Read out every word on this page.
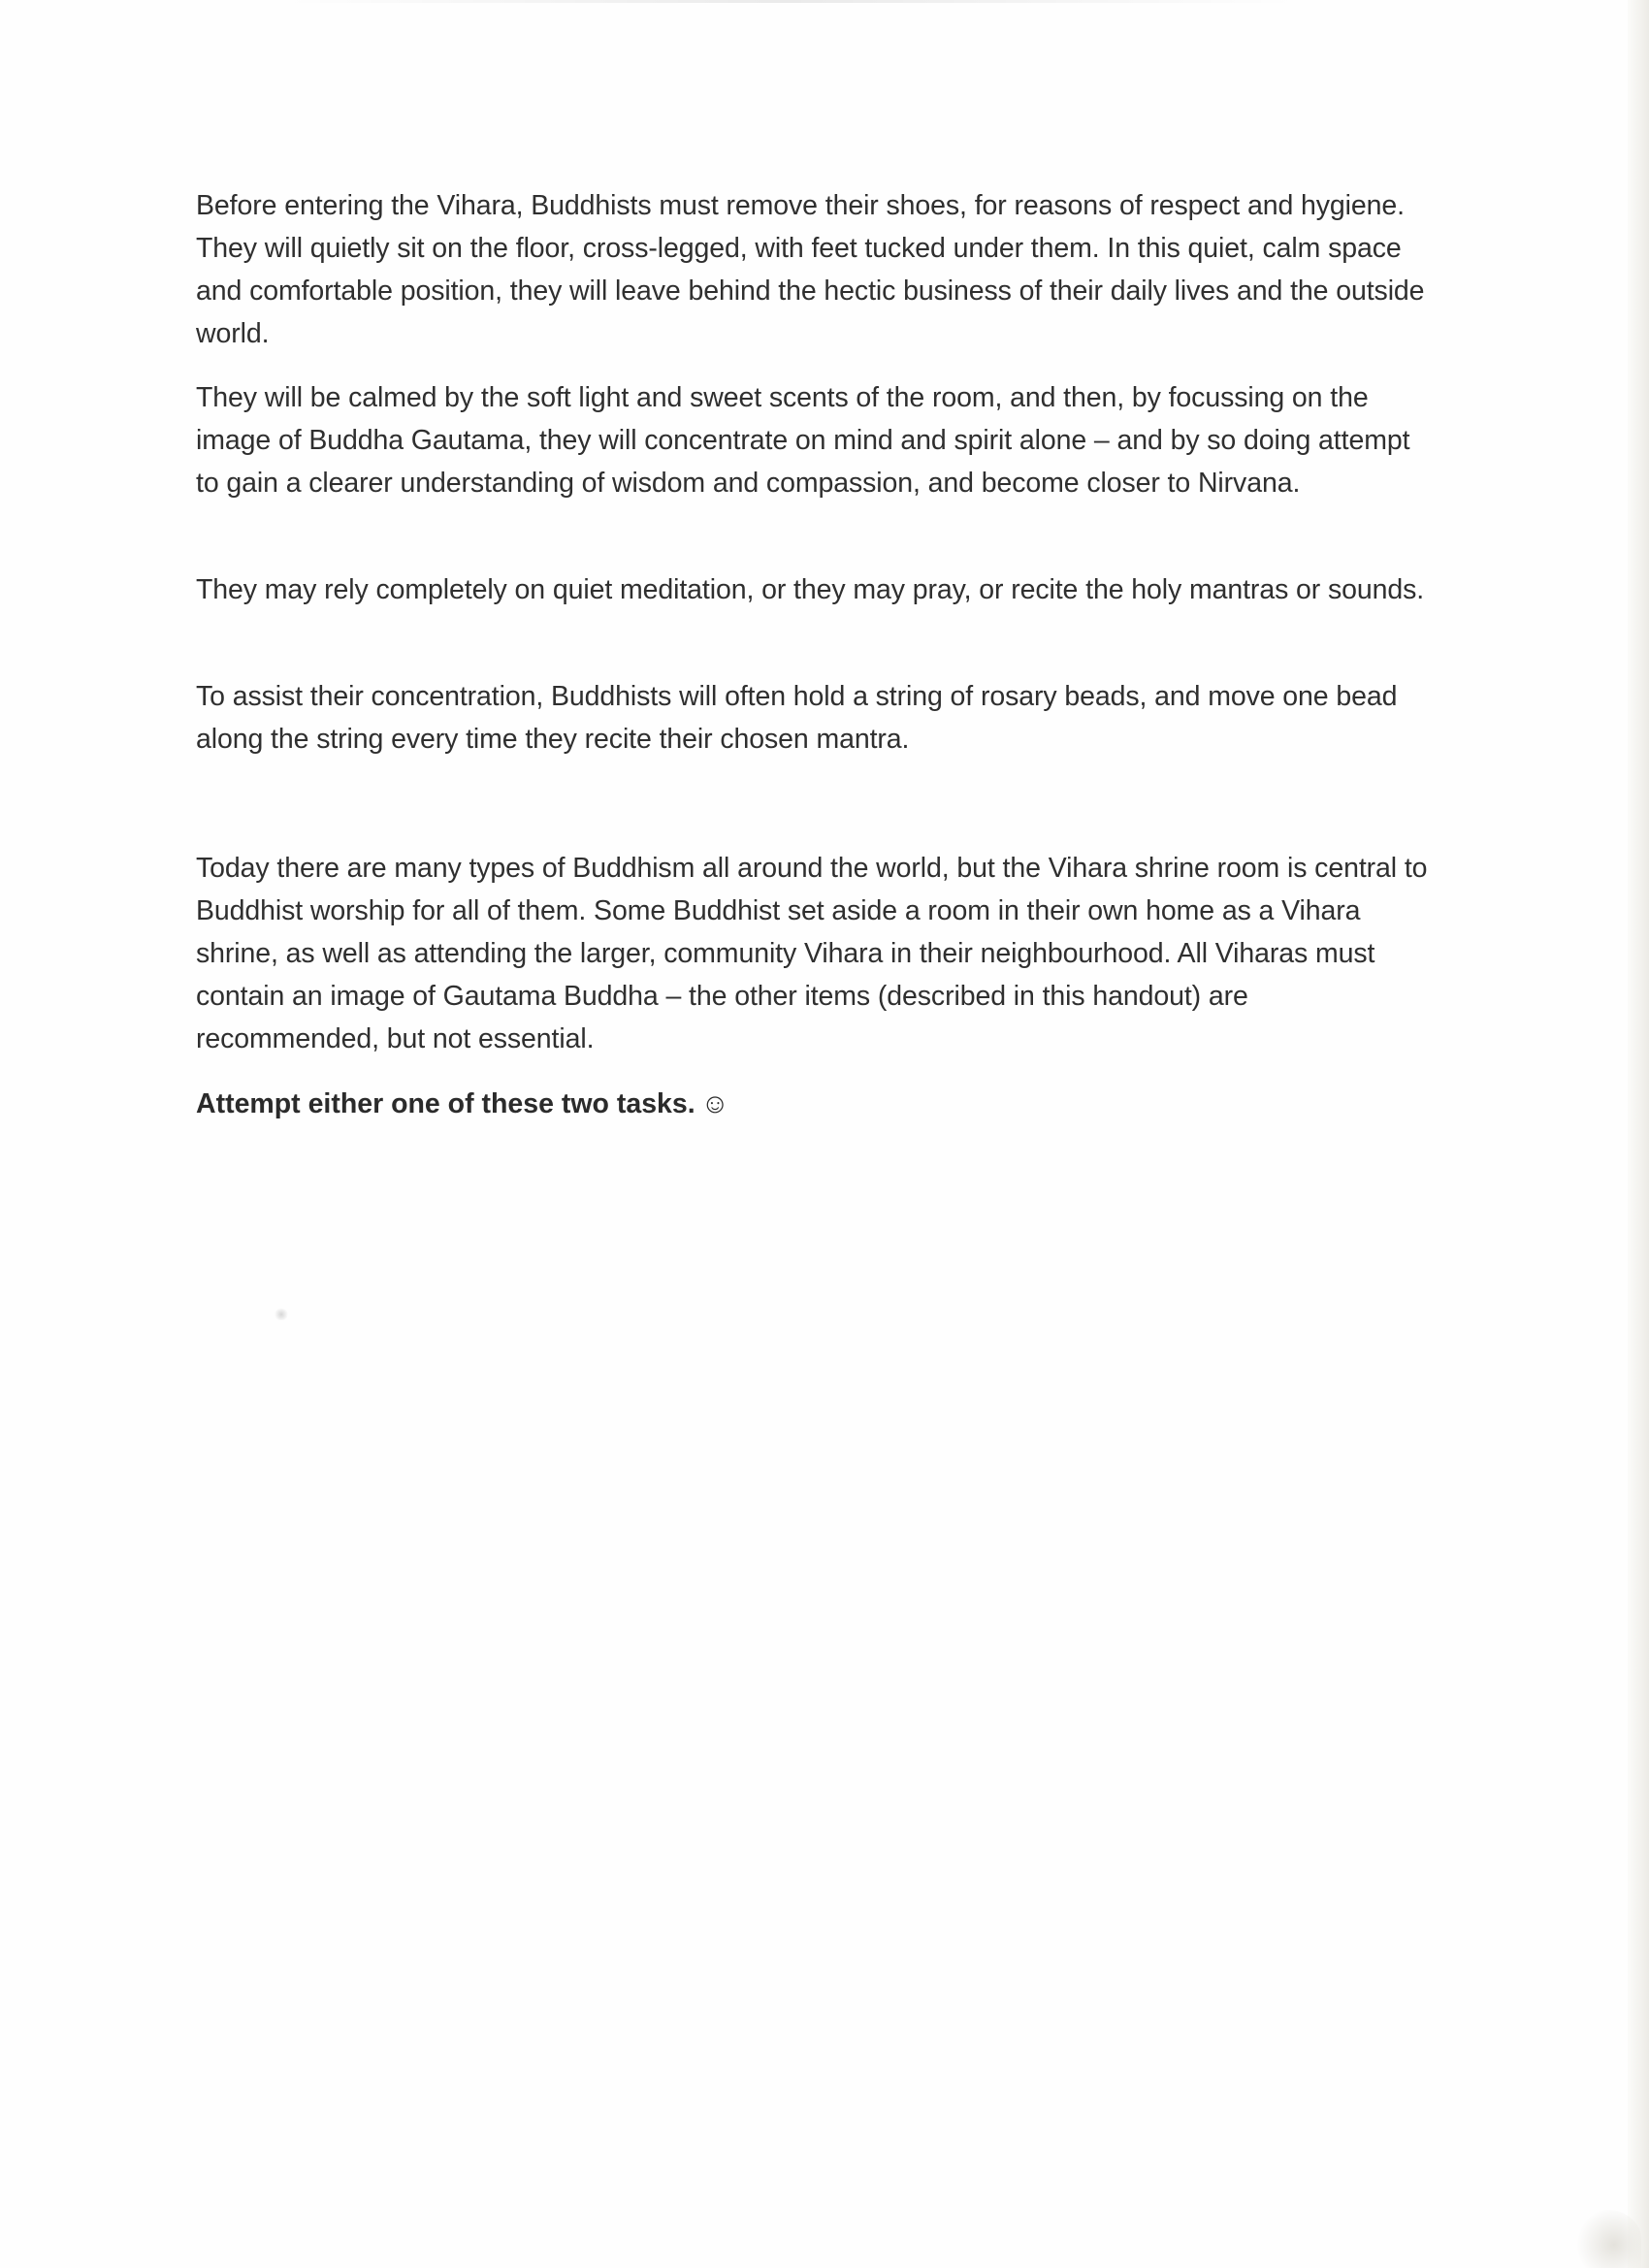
Before entering the Vihara, Buddhists must remove their shoes, for reasons of respect and hygiene. They will quietly sit on the floor, cross-legged, with feet tucked under them. In this quiet, calm space and comfortable position, they will leave behind the hectic business of their daily lives and the outside world.

They will be calmed by the soft light and sweet scents of the room, and then, by focussing on the image of Buddha Gautama, they will concentrate on mind and spirit alone – and by so doing attempt to gain a clearer understanding of wisdom and compassion, and become closer to Nirvana.

They may rely completely on quiet meditation, or they may pray, or recite the holy mantras or sounds.

To assist their concentration, Buddhists will often hold a string of rosary beads, and move one bead along the string every time they recite their chosen mantra.

Today there are many types of Buddhism all around the world, but the Vihara shrine room is central to Buddhist worship for all of them. Some Buddhist set aside a room in their own home as a Vihara shrine, as well as attending the larger, community Vihara in their neighbourhood. All Viharas must contain an image of Gautama Buddha – the other items (described in this handout) are recommended, but not essential.

Attempt either one of these two tasks. ☺
